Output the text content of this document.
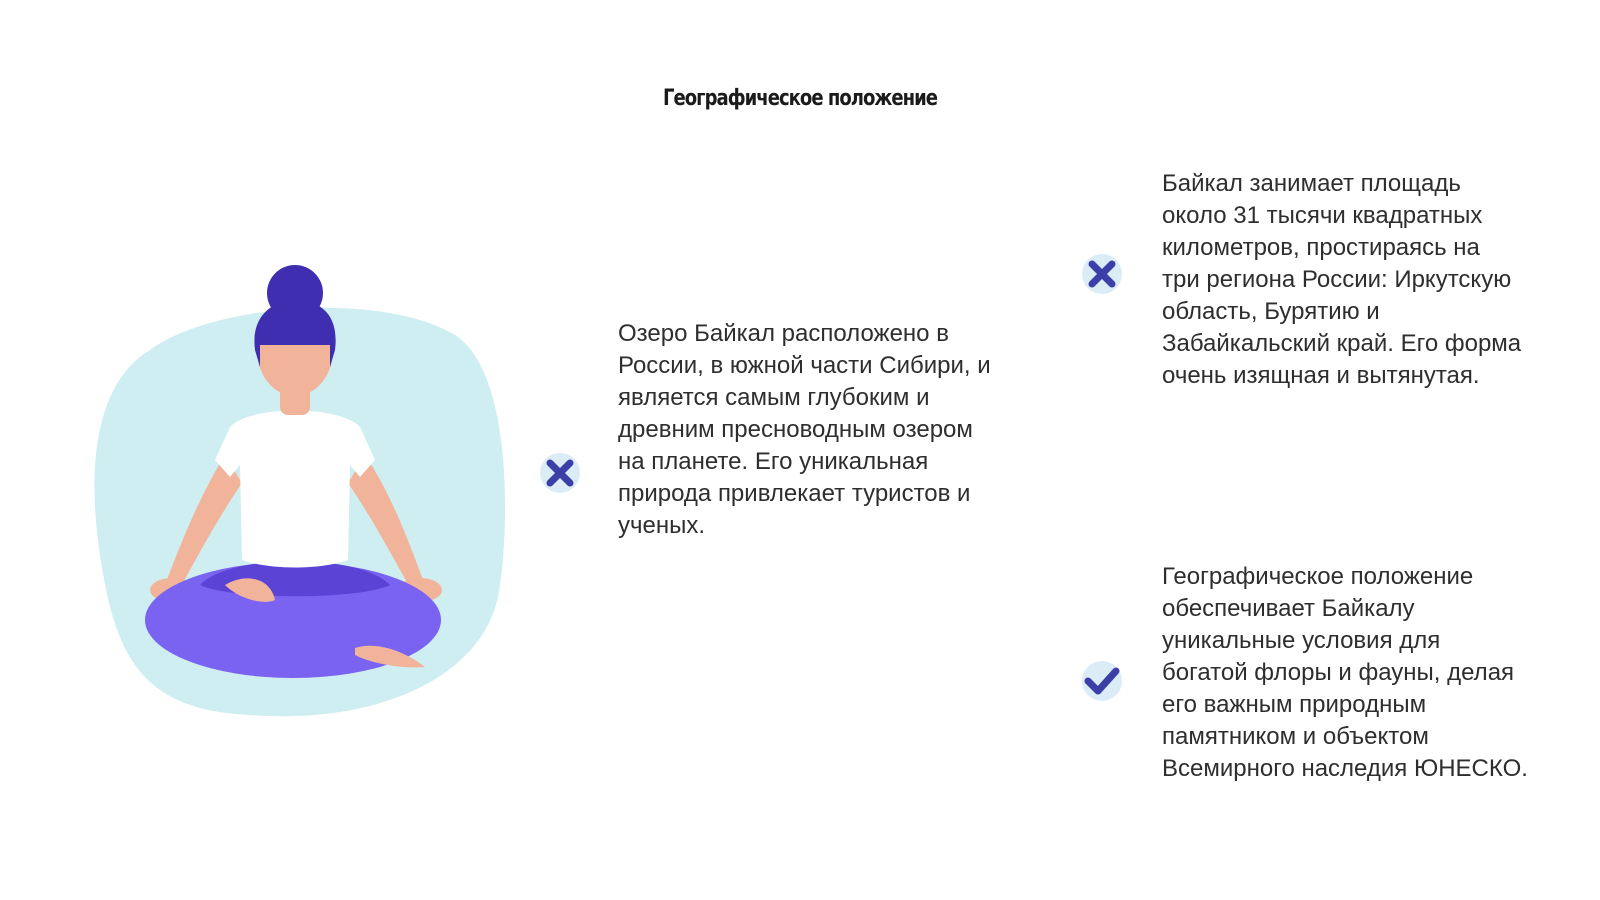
Географическое положение
Озеро Байкал расположено в
России, в южной части Сибири, и
является самым глубоким и
древним пресноводным озером
на планете. Его уникальная
природа привлекает туристов и
ученых.
Байкал занимает площадь
около 31 тысячи квадратных
километров, простираясь на
три региона России: Иркутскую
область, Бурятию и
Забайкальский край. Его форма
очень изящная и вытянутая.
Географическое положение
обеспечивает Байкалу
уникальные условия для
богатой флоры и фауны, делая
его важным природным
памятником и объектом
Всемирного наследия ЮНЕСКО.
